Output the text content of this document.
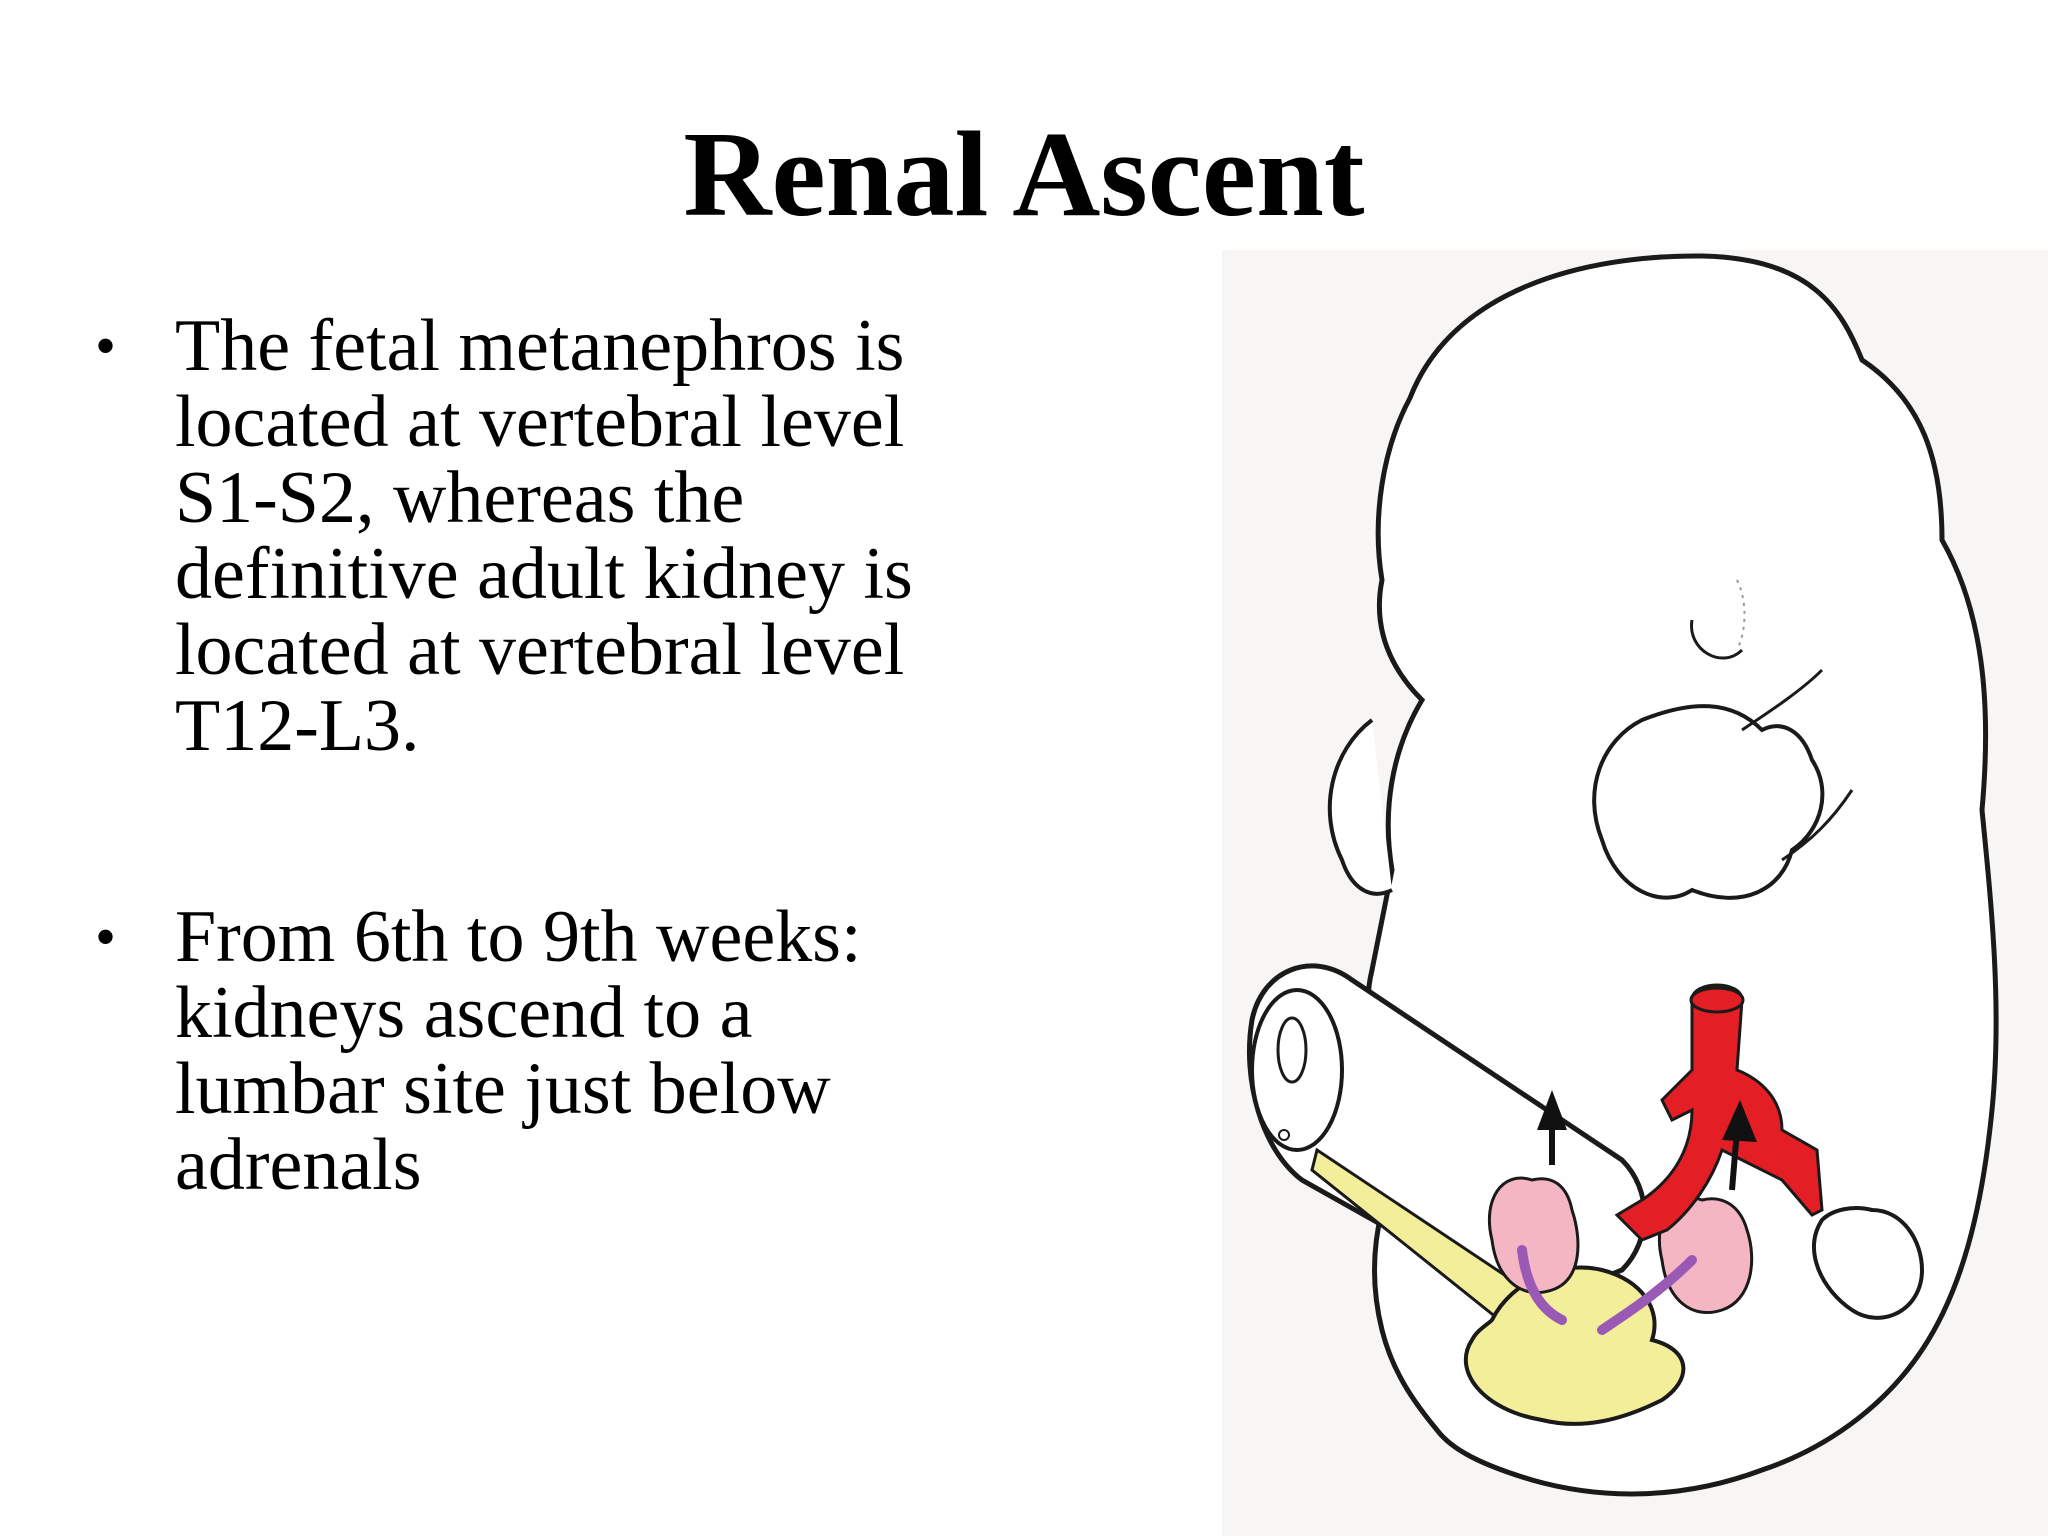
Renal Ascent
• The fetal metanephros is
located at vertebral level
S1-S2, whereas the
definitive adult kidney is
located at vertebral level
T12-L3.
• From 6th to 9th weeks:
kidneys ascend to a
lumbar site just below
adrenals
